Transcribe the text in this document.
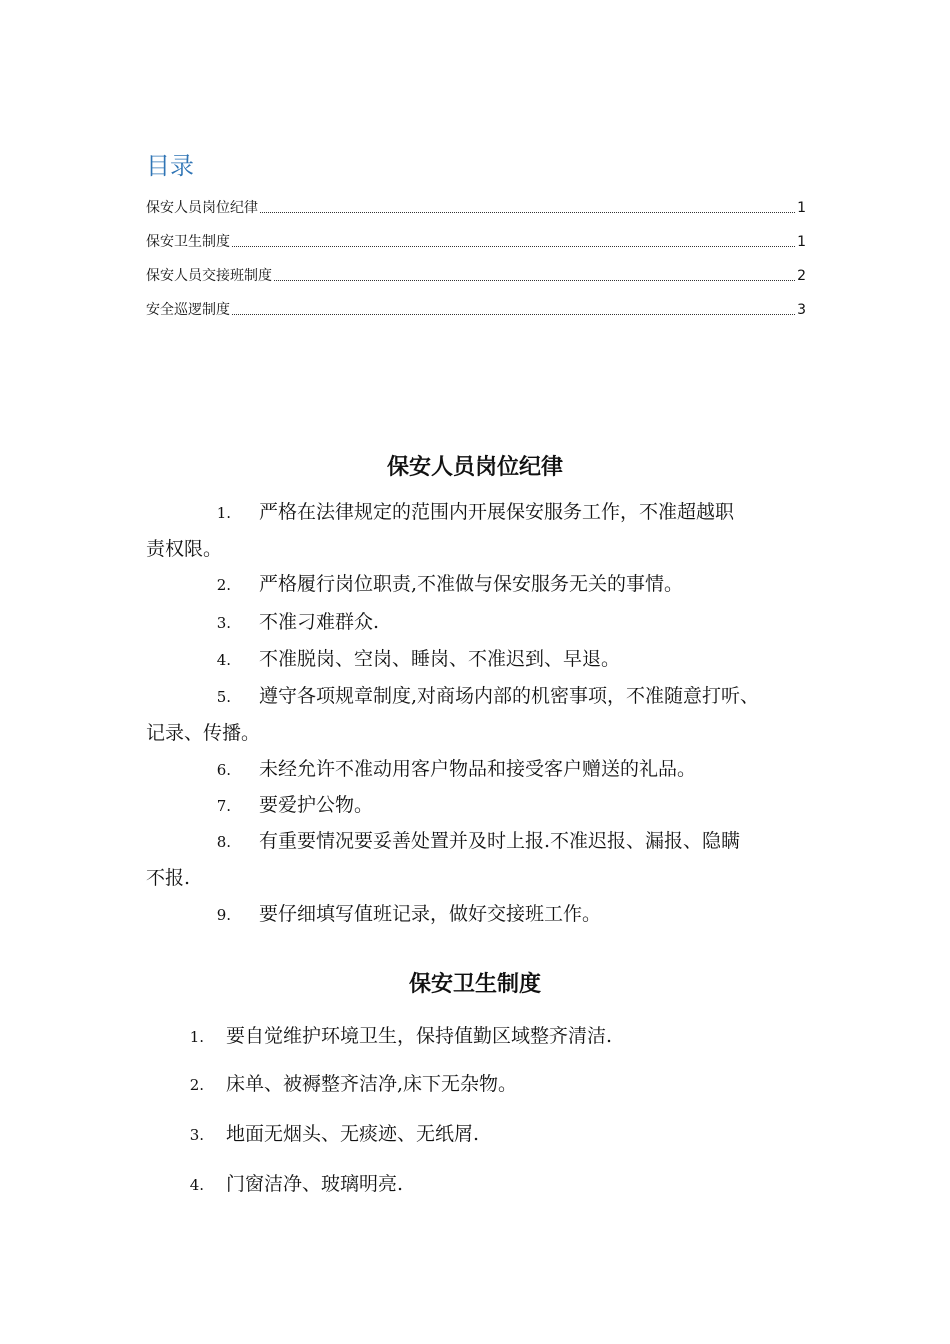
目录
保安人员岗位纪律	1
保安卫生制度	1
保安人员交接班制度	2
安全巡逻制度	3
保安人员岗位纪律
1. 严格在法律规定的范围内开展保安服务工作，不准超越职
责权限。
2. 严格履行岗位职责,不准做与保安服务无关的事情。
3. 不准刁难群众.
4. 不准脱岗、空岗、睡岗、不准迟到、早退。
5. 遵守各项规章制度,对商场内部的机密事项，不准随意打听、
记录、传播。
6. 未经允许不准动用客户物品和接受客户赠送的礼品。
7. 要爱护公物。
8. 有重要情况要妥善处置并及时上报.不准迟报、漏报、隐瞒
不报.
9. 要仔细填写值班记录，做好交接班工作。
保安卫生制度
1. 要自觉维护环境卫生，保持值勤区域整齐清洁.
2. 床单、被褥整齐洁净,床下无杂物。
3. 地面无烟头、无痰迹、无纸屑.
4. 门窗洁净、玻璃明亮.
